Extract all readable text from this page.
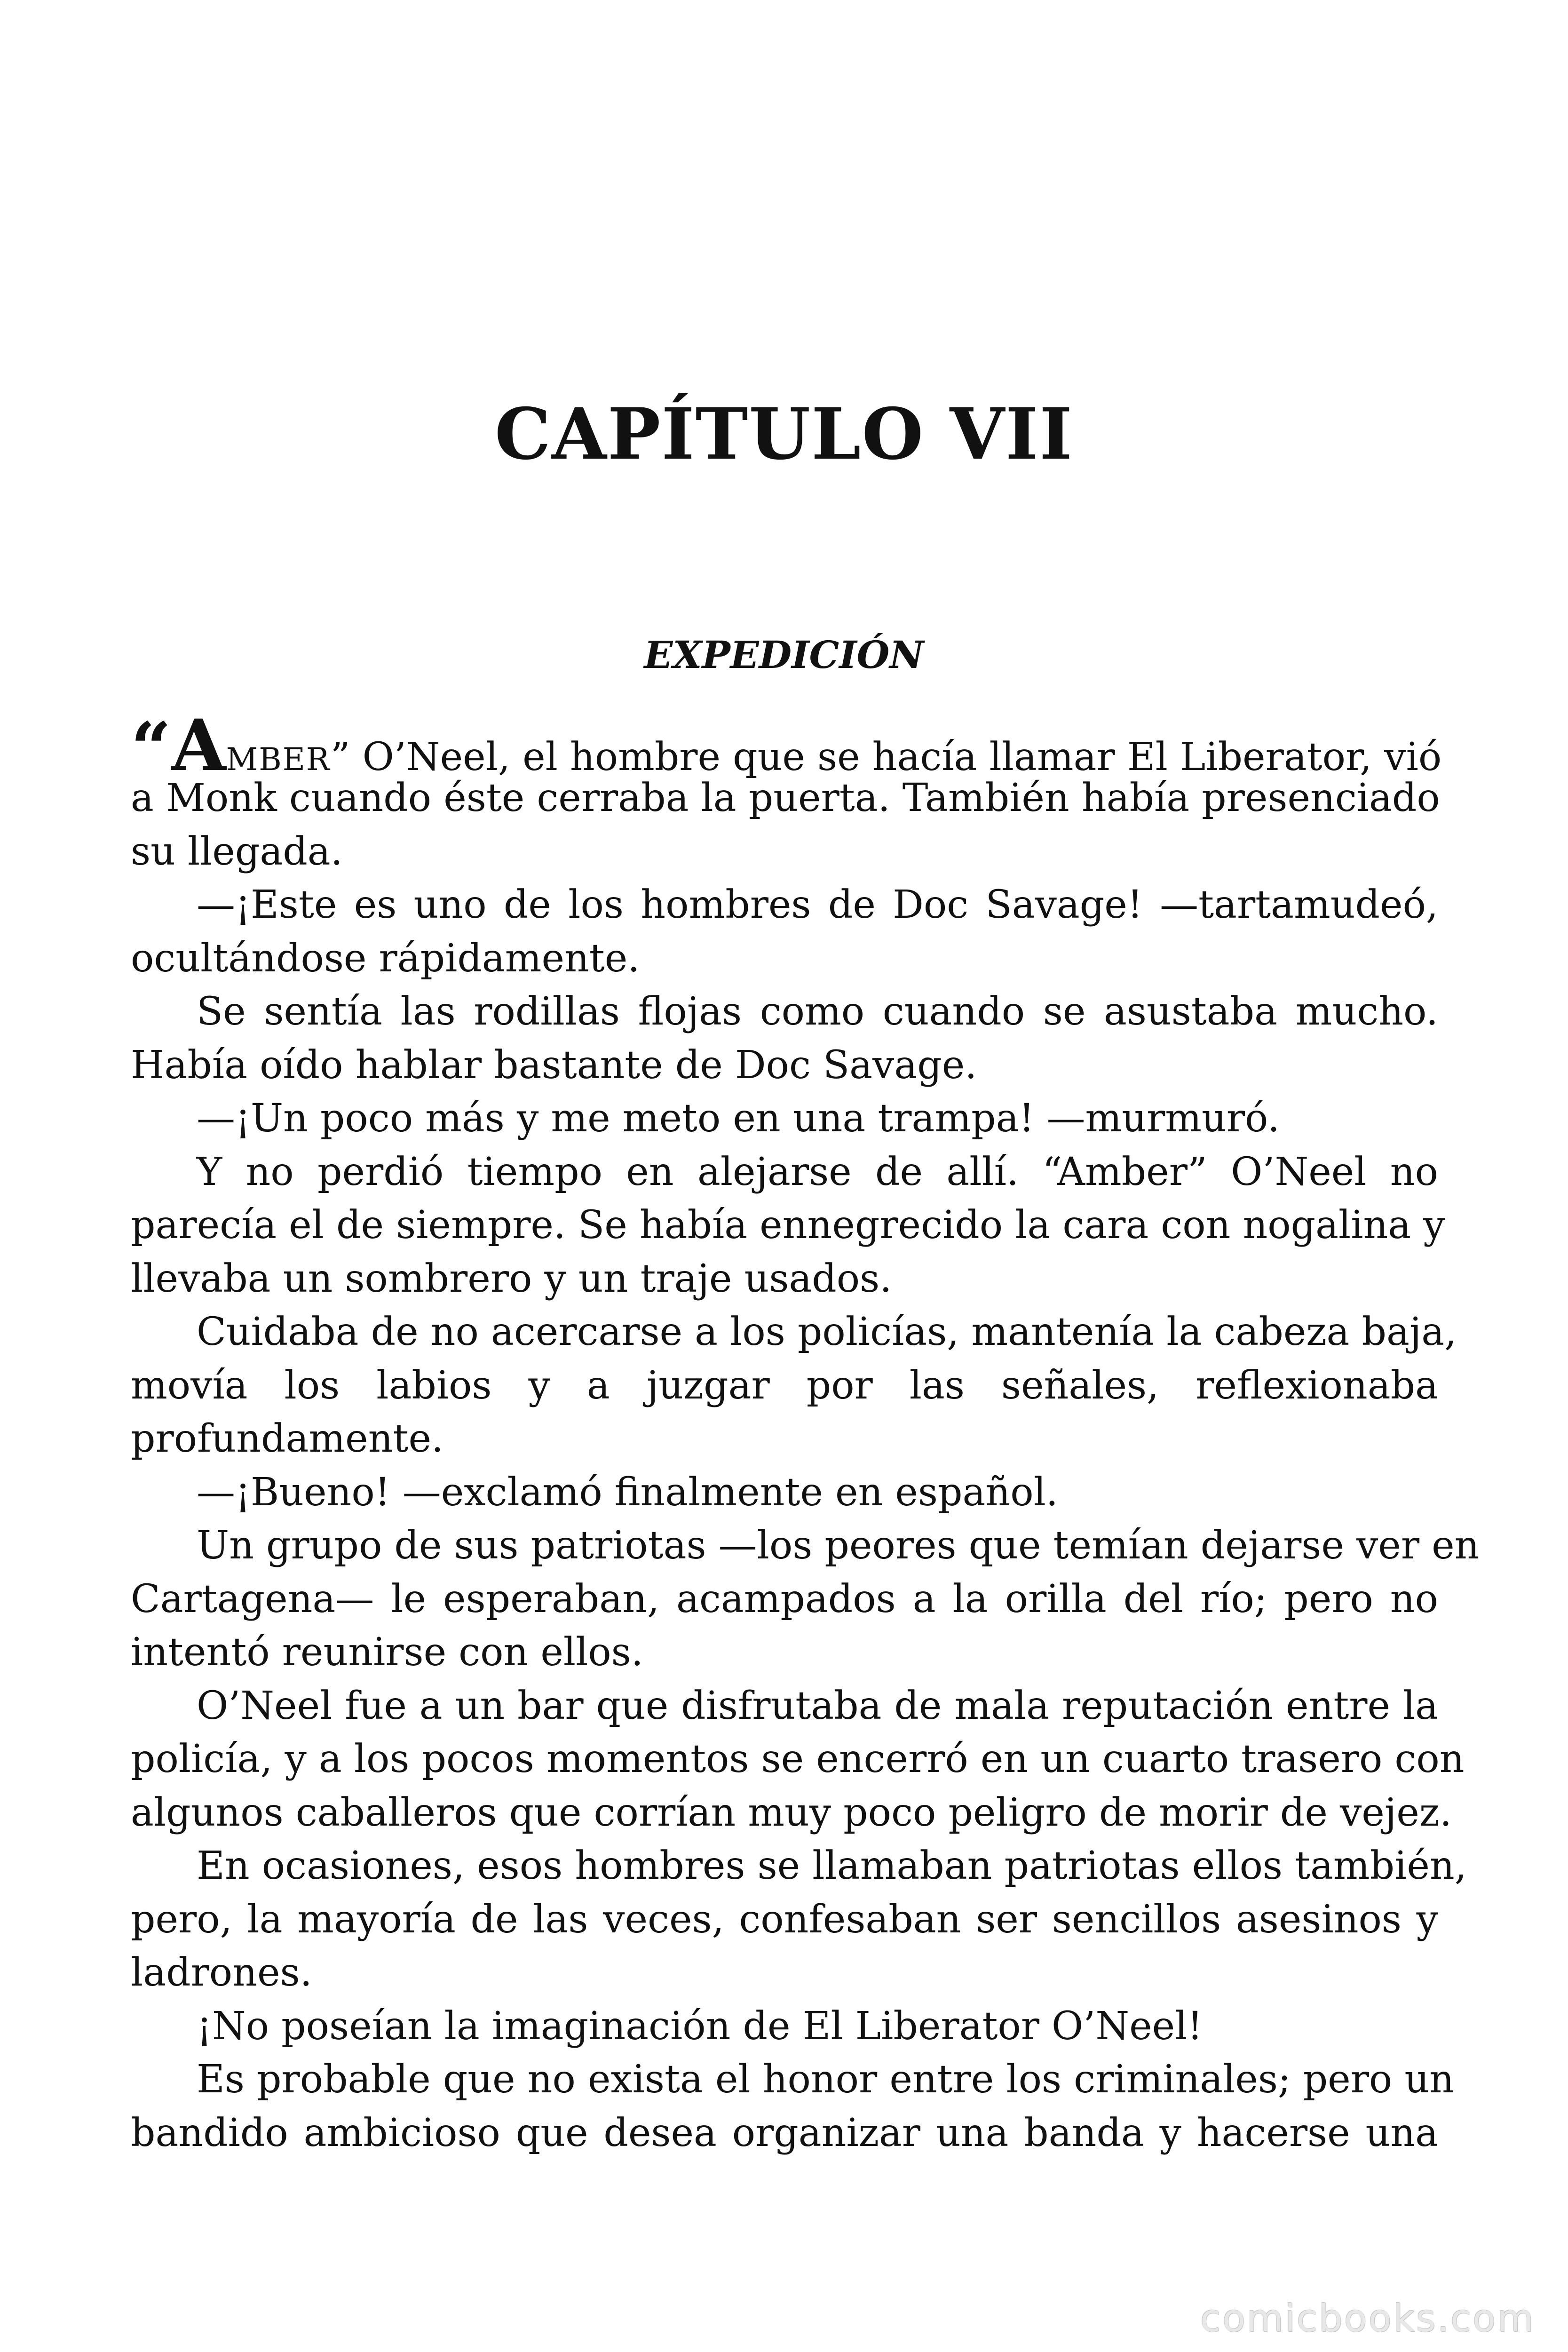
CAPÍTULO VII
EXPEDICIÓN
“AMBER” O’Neel, el hombre que se hacía llamar El Liberator, vió
a Monk cuando éste cerraba la puerta. También había presenciado
su llegada.
—¡Este es uno de los hombres de Doc Savage! —tartamudeó,
ocultándose rápidamente.
Se sentía las rodillas flojas como cuando se asustaba mucho.
Había oído hablar bastante de Doc Savage.
—¡Un poco más y me meto en una trampa! —murmuró.
Y no perdió tiempo en alejarse de allí. “Amber” O’Neel no
parecía el de siempre. Se había ennegrecido la cara con nogalina y
llevaba un sombrero y un traje usados.
Cuidaba de no acercarse a los policías, mantenía la cabeza baja,
movía los labios y a juzgar por las señales, reflexionaba
profundamente.
—¡Bueno! —exclamó finalmente en español.
Un grupo de sus patriotas —los peores que temían dejarse ver en
Cartagena— le esperaban, acampados a la orilla del río; pero no
intentó reunirse con ellos.
O’Neel fue a un bar que disfrutaba de mala reputación entre la
policía, y a los pocos momentos se encerró en un cuarto trasero con
algunos caballeros que corrían muy poco peligro de morir de vejez.
En ocasiones, esos hombres se llamaban patriotas ellos también,
pero, la mayoría de las veces, confesaban ser sencillos asesinos y
ladrones.
¡No poseían la imaginación de El Liberator O’Neel!
Es probable que no exista el honor entre los criminales; pero un
bandido ambicioso que desea organizar una banda y hacerse una
comicbooks.com
